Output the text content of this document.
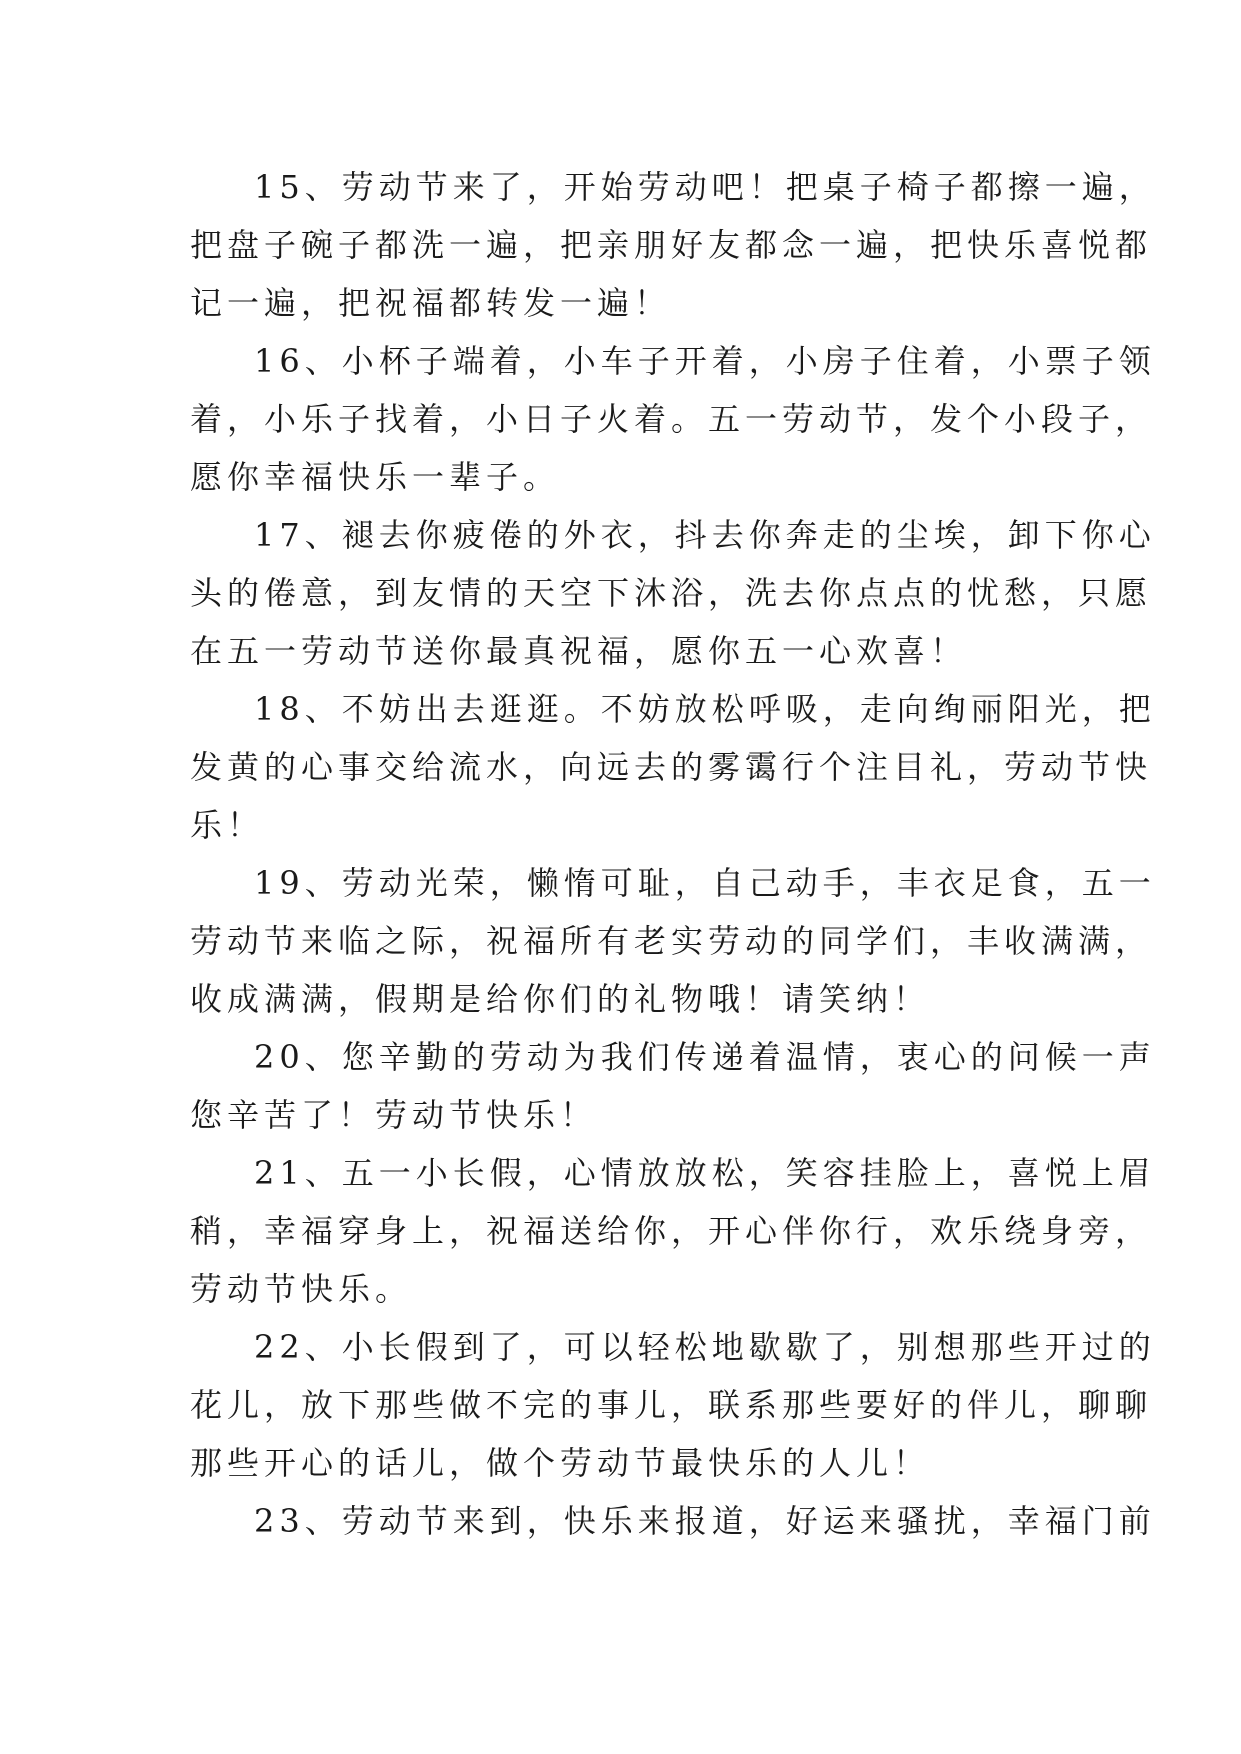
15、劳动节来了，开始劳动吧！把桌子椅子都擦一遍，
把盘子碗子都洗一遍，把亲朋好友都念一遍，把快乐喜悦都
记一遍，把祝福都转发一遍！
16、小杯子端着，小车子开着，小房子住着，小票子领
着，小乐子找着，小日子火着。五一劳动节，发个小段子，
愿你幸福快乐一辈子。
17、褪去你疲倦的外衣，抖去你奔走的尘埃，卸下你心
头的倦意，到友情的天空下沐浴，洗去你点点的忧愁，只愿
在五一劳动节送你最真祝福，愿你五一心欢喜！
18、不妨出去逛逛。不妨放松呼吸，走向绚丽阳光，把
发黄的心事交给流水，向远去的雾霭行个注目礼，劳动节快
乐！
19、劳动光荣，懒惰可耻，自己动手，丰衣足食，五一
劳动节来临之际，祝福所有老实劳动的同学们，丰收满满，
收成满满，假期是给你们的礼物哦！请笑纳！
20、您辛勤的劳动为我们传递着温情，衷心的问候一声
您辛苦了！劳动节快乐！
21、五一小长假，心情放放松，笑容挂脸上，喜悦上眉
稍，幸福穿身上，祝福送给你，开心伴你行，欢乐绕身旁，
劳动节快乐。
22、小长假到了，可以轻松地歇歇了，别想那些开过的
花儿，放下那些做不完的事儿，联系那些要好的伴儿，聊聊
那些开心的话儿，做个劳动节最快乐的人儿！
23、劳动节来到，快乐来报道，好运来骚扰，幸福门前
